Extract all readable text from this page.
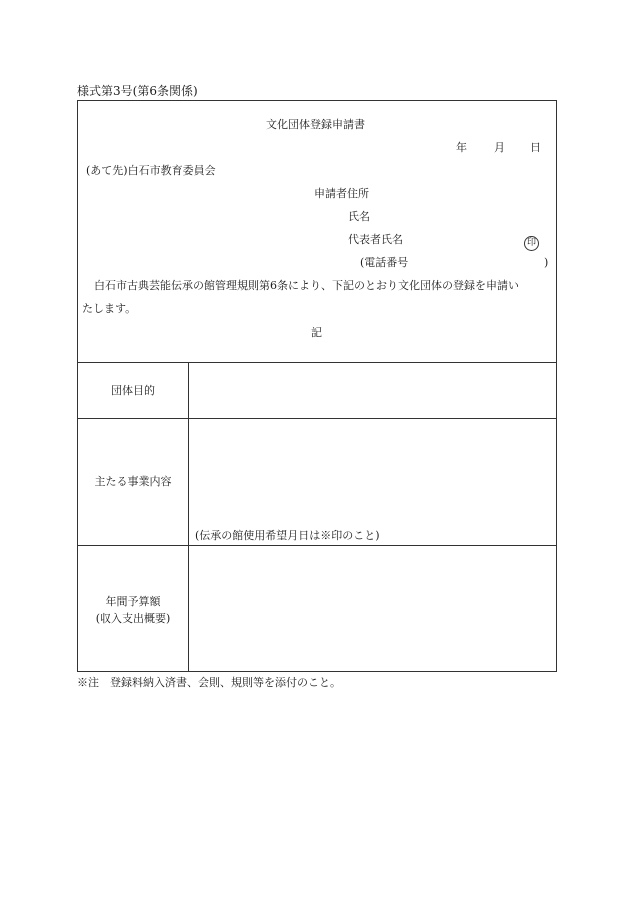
様式第3号(第6条関係)
文化団体登録申請書
年 月 日
(あて先)白石市教育委員会
申請者住所
氏名
代表者氏名	印
(電話番号	)
白石市古典芸能伝承の館管理規則第6条により、下記のとおり文化団体の登録を申請い
たします。
記
団体目的
主たる事業内容
(伝承の館使用希望月日は※印のこと)
年間予算額
(収入支出概要)
※注　登録料納入済書、会則、規則等を添付のこと。
